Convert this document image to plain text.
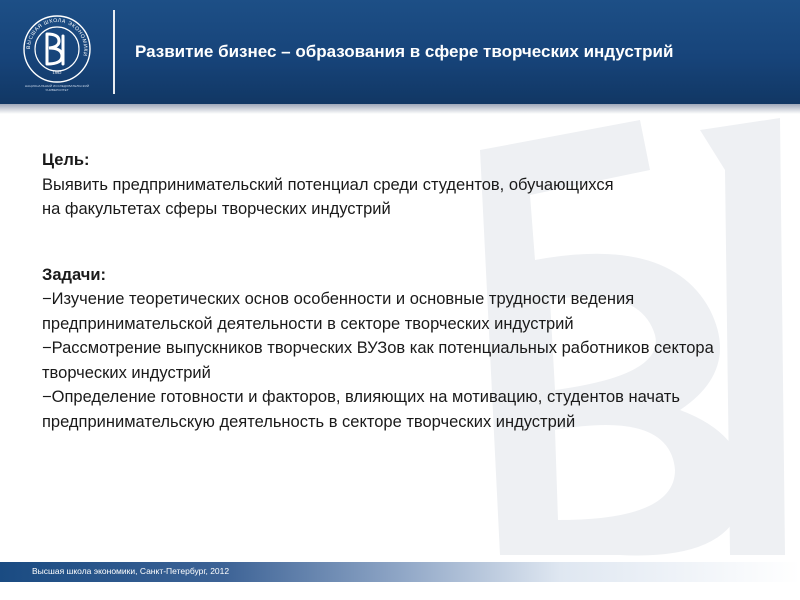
ВЫСШАЯ ШКОЛА ЭКОНОМИКИ
1992
НАЦИОНАЛЬНЫЙ ИССЛЕДОВАТЕЛЬСКИЙ УНИВЕРСИТЕТ
Развитие бизнес – образования в сфере творческих индустрий
Цель:
Выявить предпринимательский потенциал среди студентов, обучающихся
на факультетах сферы творческих индустрий
Задачи:
−Изучение теоретических основ особенности и основные трудности ведения предпринимательской деятельности в секторе творческих индустрий
−Рассмотрение выпускников творческих ВУЗов как потенциальных работников сектора творческих индустрий
−Определение готовности и факторов, влияющих на мотивацию, студентов начать предпринимательскую деятельность в секторе творческих индустрий
Высшая школа экономики, Санкт-Петербург, 2012
